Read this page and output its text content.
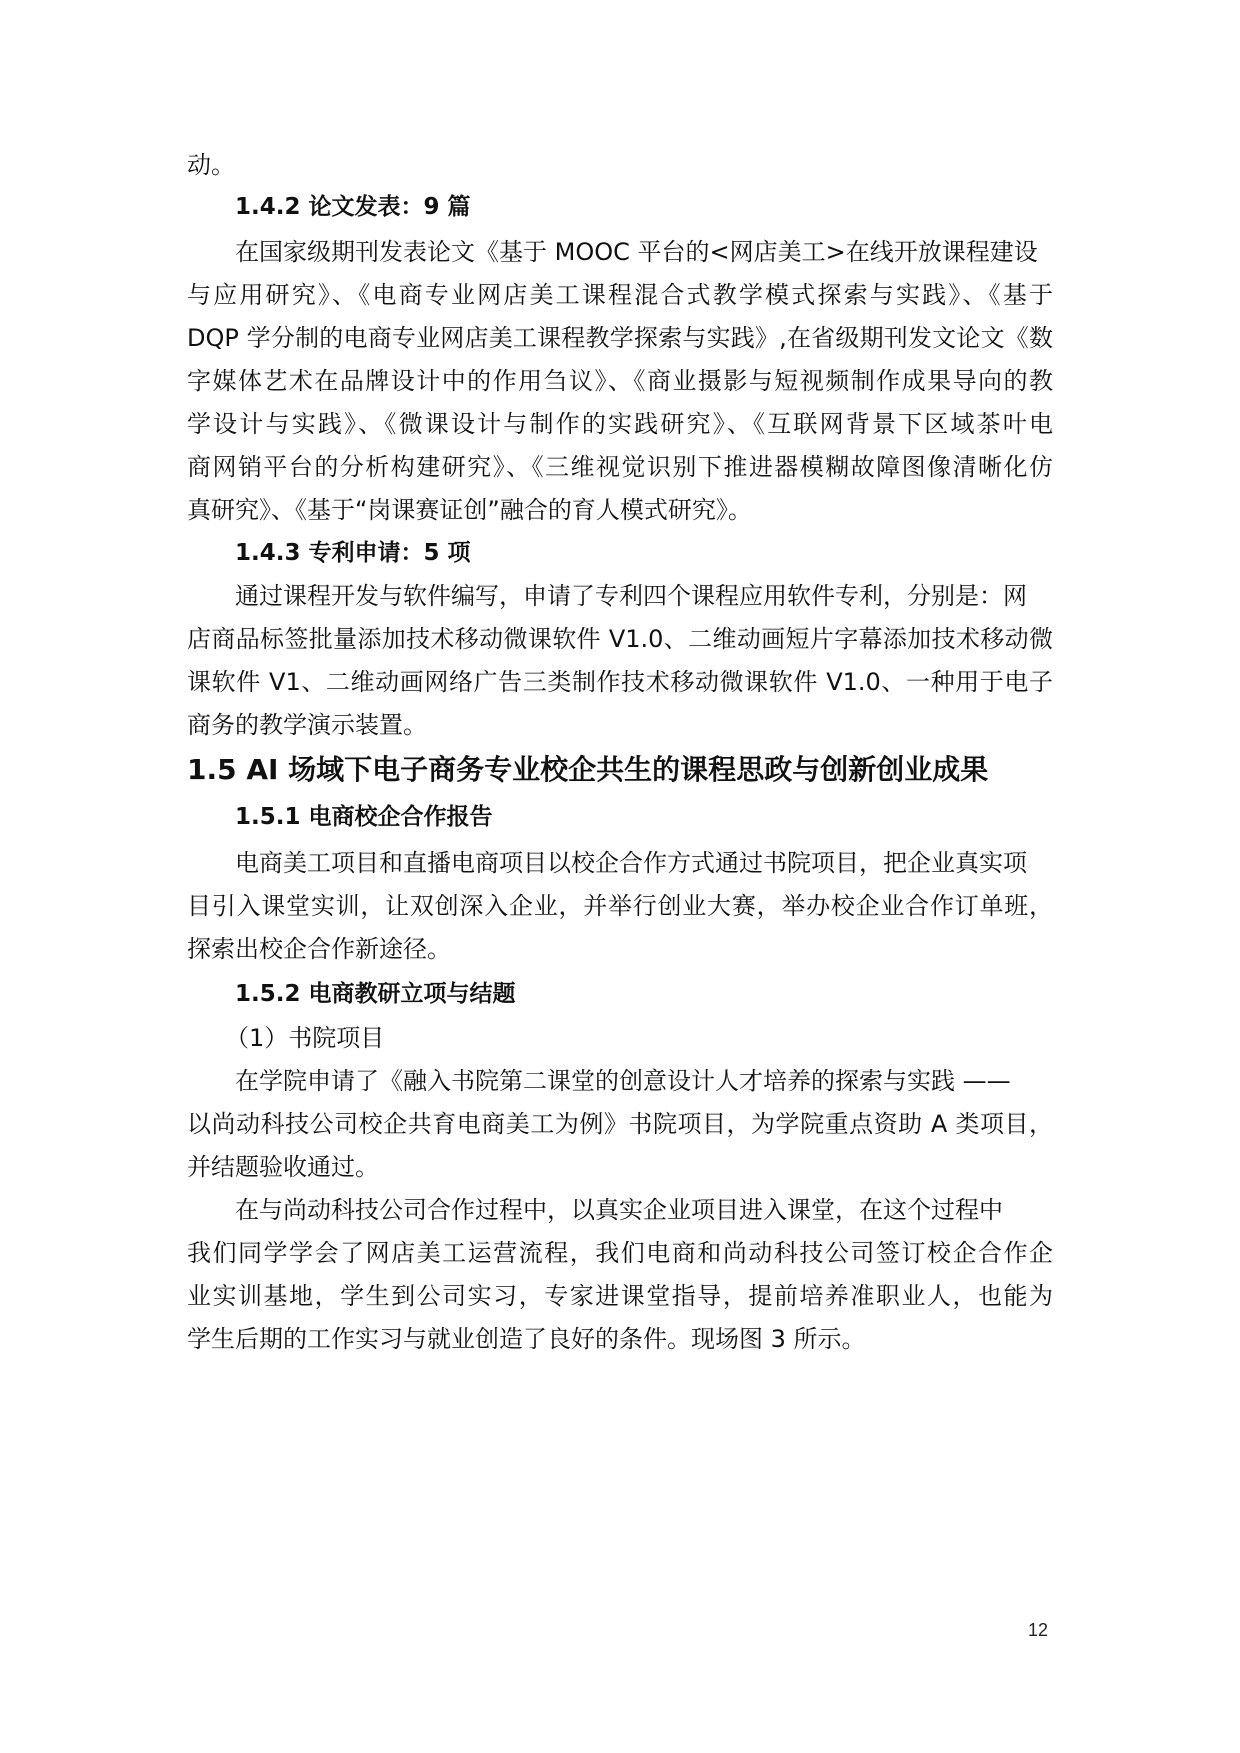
动。
1.4.2 论文发表：9 篇
在国家级期刊发表论文《基于 MOOC 平台的<网店美工>在线开放课程建设
与应用研究》、《电商专业网店美工课程混合式教学模式探索与实践》、《基于
DQP 学分制的电商专业网店美工课程教学探索与实践》,在省级期刊发文论文《数
字媒体艺术在品牌设计中的作用刍议》、《商业摄影与短视频制作成果导向的教
学设计与实践》、《微课设计与制作的实践研究》、《互联网背景下区域茶叶电
商网销平台的分析构建研究》、《三维视觉识别下推进器模糊故障图像清晰化仿
真研究》、《基于“岗课赛证创”融合的育人模式研究》。
1.4.3 专利申请：5 项
通过课程开发与软件编写，申请了专利四个课程应用软件专利，分别是：网
店商品标签批量添加技术移动微课软件 V1.0、二维动画短片字幕添加技术移动微
课软件 V1、二维动画网络广告三类制作技术移动微课软件 V1.0、一种用于电子
商务的教学演示装置。
1.5 AI 场域下电子商务专业校企共生的课程思政与创新创业成果
1.5.1 电商校企合作报告
电商美工项目和直播电商项目以校企合作方式通过书院项目，把企业真实项
目引入课堂实训，让双创深入企业，并举行创业大赛，举办校企业合作订单班，
探索出校企合作新途径。
1.5.2 电商教研立项与结题
（1）书院项目
在学院申请了《融入书院第二课堂的创意设计人才培养的探索与实践 ——
以尚动科技公司校企共育电商美工为例》书院项目，为学院重点资助 A 类项目，
并结题验收通过。
在与尚动科技公司合作过程中，以真实企业项目进入课堂，在这个过程中
我们同学学会了网店美工运营流程，我们电商和尚动科技公司签订校企合作企
业实训基地，学生到公司实习，专家进课堂指导，提前培养准职业人，也能为
学生后期的工作实习与就业创造了良好的条件。现场图 3 所示。
12
